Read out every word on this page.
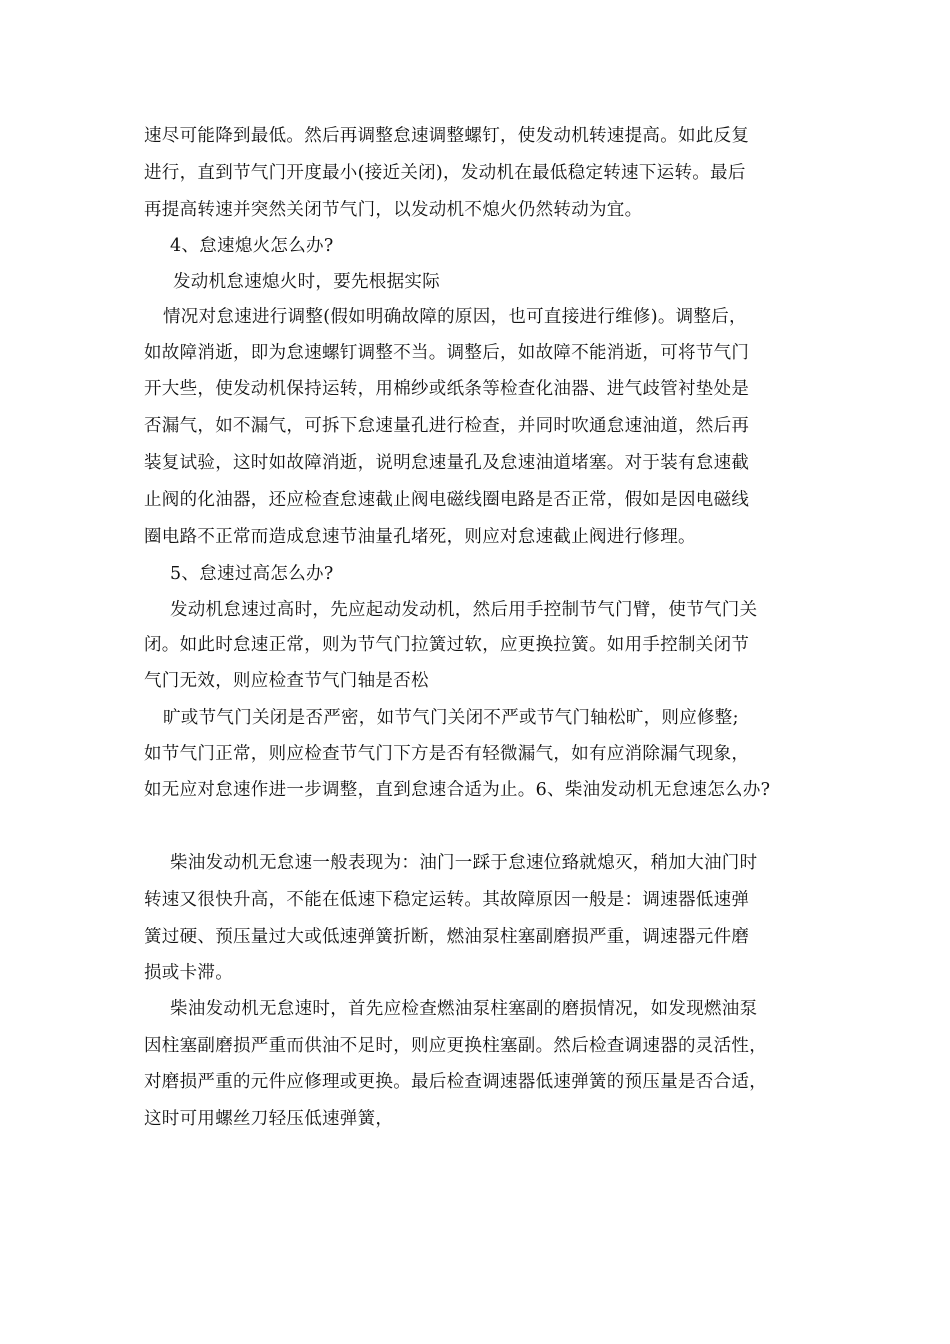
速尽可能降到最低。然后再调整怠速调整螺钉，使发动机转速提高。如此反复
进行，直到节气门开度最小(接近关闭)，发动机在最低稳定转速下运转。最后
再提高转速并突然关闭节气门，以发动机不熄火仍然转动为宜。
4、怠速熄火怎么办?
发动机怠速熄火时，要先根据实际
情况对怠速进行调整(假如明确故障的原因，也可直接进行维修)。调整后，
如故障消逝，即为怠速螺钉调整不当。调整后，如故障不能消逝，可将节气门
开大些，使发动机保持运转，用棉纱或纸条等检查化油器、进气歧管衬垫处是
否漏气，如不漏气，可拆下怠速量孔进行检查，并同时吹通怠速油道，然后再
装复试验，这时如故障消逝，说明怠速量孔及怠速油道堵塞。对于装有怠速截
止阀的化油器，还应检查怠速截止阀电磁线圈电路是否正常，假如是因电磁线
圈电路不正常而造成怠速节油量孔堵死，则应对怠速截止阀进行修理。
5、怠速过高怎么办?
发动机怠速过高时，先应起动发动机，然后用手控制节气门臂，使节气门关
闭。如此时怠速正常，则为节气门拉簧过软，应更换拉簧。如用手控制关闭节
气门无效，则应检查节气门轴是否松
旷或节气门关闭是否严密，如节气门关闭不严或节气门轴松旷，则应修整;
如节气门正常，则应检查节气门下方是否有轻微漏气，如有应消除漏气现象，
如无应对怠速作进一步调整，直到怠速合适为止。6、柴油发动机无怠速怎么办?
柴油发动机无怠速一般表现为：油门一踩于怠速位臵就熄灭，稍加大油门时
转速又很快升高，不能在低速下稳定运转。其故障原因一般是：调速器低速弹
簧过硬、预压量过大或低速弹簧折断，燃油泵柱塞副磨损严重，调速器元件磨
损或卡滞。
柴油发动机无怠速时，首先应检查燃油泵柱塞副的磨损情况，如发现燃油泵
因柱塞副磨损严重而供油不足时，则应更换柱塞副。然后检查调速器的灵活性，
对磨损严重的元件应修理或更换。最后检查调速器低速弹簧的预压量是否合适，
这时可用螺丝刀轻压低速弹簧，
